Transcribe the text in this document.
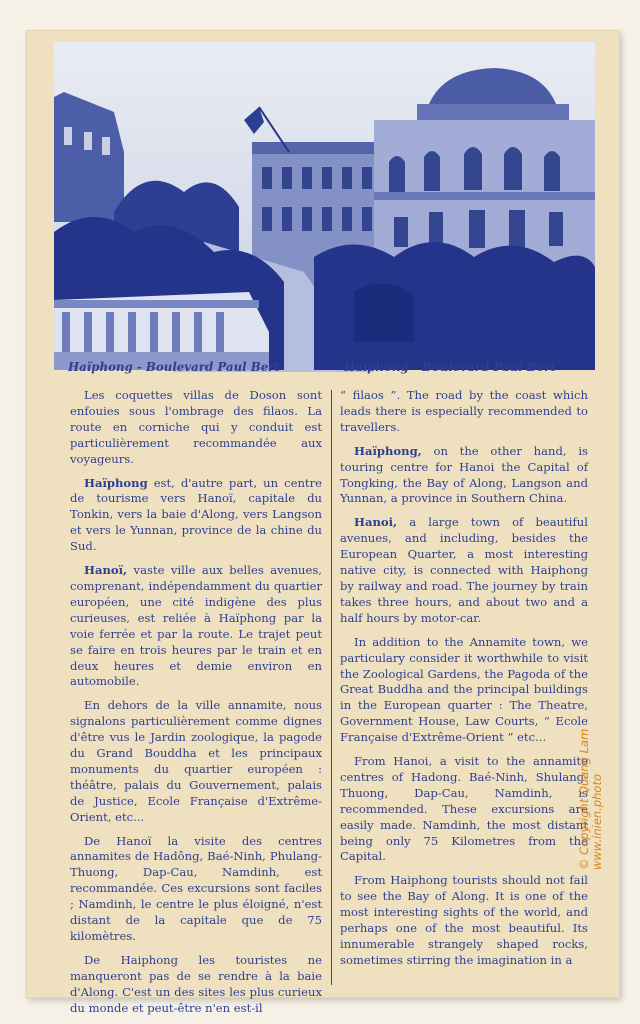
Haïphong - Boulevard Paul Bert	Haïphong - Boulevard Paul Bert

Les coquettes villas de Doson sont enfouies sous l'ombrage des filaos. La route en corniche qui y conduit est particulièrement recommandée aux voyageurs.

Haïphong est, d'autre part, un centre de tourisme vers Hanoï, capitale du Tonkin, vers la baie d'Along, vers Langson et vers le Yunnan, province de la chine du Sud.

Hanoï, vaste ville aux belles avenues, comprenant, indépendamment du quartier européen, une cité indigène des plus curieuses, est reliée à Haïphong par la voie ferrée et par la route. Le trajet peut se faire en trois heures par le train et en deux heures et demie environ en automobile.

En dehors de la ville annamite, nous signalons particulièrement comme dignes d'être vus le Jardin zoologique, la pagode du Grand Bouddha et les principaux monuments du quartier européen : théâtre, palais du Gouvernement, palais de Justice, Ecole Française d'Extrême-Orient, etc...

De Hanoï la visite des centres annamites de Hadông, Baé-Ninh, Phulang-Thuong, Dap-Cau, Namdinh, est recommandée. Ces excursions sont faciles ; Namdinh, le centre le plus éloigné, n'est distant de la capitale que de 75 kilomètres.

De Haiphong les touristes ne manqueront pas de se rendre à la baie d'Along. C'est un des sites les plus curieux du monde et peut-être n'en est-il

“ filaos ”. The road by the coast which leads there is especially recommended to travellers.

Haïphong, on the other hand, is touring centre for Hanoi the Capital of Tongking, the Bay of Along, Langson and Yunnan, a province in Southern China.

Hanoi, a large town of beautiful avenues, and including, besides the European Quarter, a most interesting native city, is connected with Haiphong by railway and road. The journey by train takes three hours, and about two and a half hours by motor-car.

In addition to the Annamite town, we particulary consider it worthwhile to visit the Zoological Gardens, the Pagoda of the Great Buddha and the principal buildings in the European quarter : The Theatre, Government House, Law Courts, “ Ecole Française d'Extrême-Orient ” etc...

From Hanoi, a visit to the annamite centres of Hadong. Baé-Ninh, Shulang-Thuong, Dap-Cau, Namdinh, is recommended. These excursions are easily made. Namdinh, the most distant being only 75 Kilometres from the Capital.

From Haiphong tourists should not fail to see the Bay of Along. It is one of the most interesting sights of the world, and perhaps one of the most beautiful. Its innumerable strangely shaped rocks, sometimes stirring the imagination in a

© Copyright Quang Lam www.inien.photo
